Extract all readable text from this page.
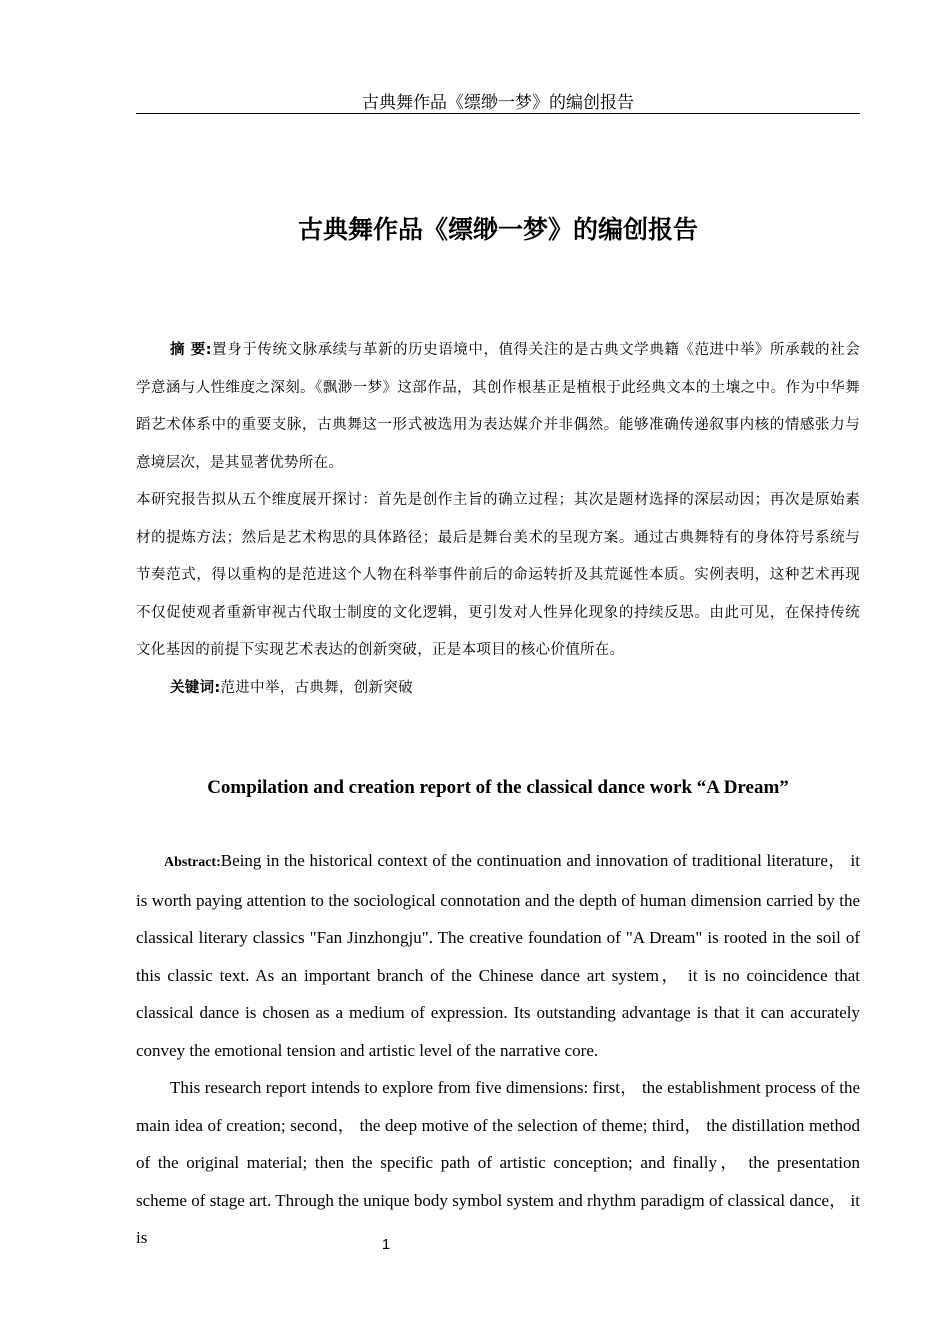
古典舞作品《缥缈一梦》的编创报告
古典舞作品《缥缈一梦》的编创报告

摘 要:置身于传统文脉承续与革新的历史语境中，值得关注的是古典文学典籍《范进中举》所承载的社会学意涵与人性维度之深刻。《飘渺一梦》这部作品，其创作根基正是植根于此经典文本的土壤之中。作为中华舞蹈艺术体系中的重要支脉，古典舞这一形式被选用为表达媒介并非偶然。能够准确传递叙事内核的情感张力与意境层次，是其显著优势所在。

本研究报告拟从五个维度展开探讨：首先是创作主旨的确立过程；其次是题材选择的深层动因；再次是原始素材的提炼方法；然后是艺术构思的具体路径；最后是舞台美术的呈现方案。通过古典舞特有的身体符号系统与节奏范式，得以重构的是范进这个人物在科举事件前后的命运转折及其荒诞性本质。实例表明，这种艺术再现不仅促使观者重新审视古代取士制度的文化逻辑，更引发对人性异化现象的持续反思。由此可见，在保持传统文化基因的前提下实现艺术表达的创新突破，正是本项目的核心价值所在。

关键词:范进中举，古典舞，创新突破

Compilation and creation report of the classical dance work “A Dream”

Abstract:Being in the historical context of the continuation and innovation of traditional literature， it is worth paying attention to the sociological connotation and the depth of human dimension carried by the classical literary classics "Fan Jinzhongju". The creative foundation of "A Dream" is rooted in the soil of this classic text. As an important branch of the Chinese dance art system， it is no coincidence that classical dance is chosen as a medium of expression. Its outstanding advantage is that it can accurately convey the emotional tension and artistic level of the narrative core.

This research report intends to explore from five dimensions: first， the establishment process of the main idea of creation; second， the deep motive of the selection of theme; third， the distillation method of the original material; then the specific path of artistic conception; and finally， the presentation scheme of stage art. Through the unique body symbol system and rhythm paradigm of classical dance， it is	1
